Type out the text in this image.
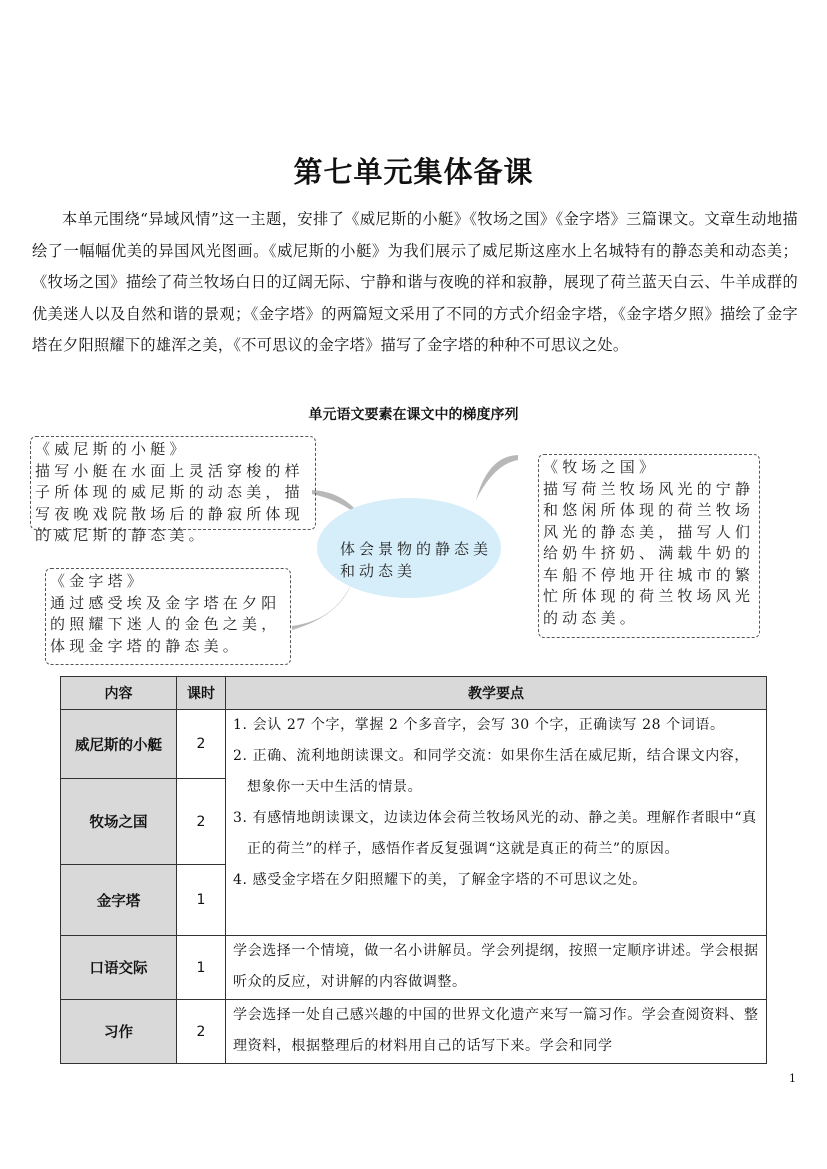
第七单元集体备课

本单元围绕“异域风情”这一主题，安排了《威尼斯的小艇》《牧场之国》《金字塔》三篇课文。文章生动地描绘了一幅幅优美的异国风光图画。《威尼斯的小艇》为我们展示了威尼斯这座水上名城特有的静态美和动态美；《牧场之国》描绘了荷兰牧场白日的辽阔无际、宁静和谐与夜晚的祥和寂静，展现了荷兰蓝天白云、牛羊成群的优美迷人以及自然和谐的景观；《金字塔》的两篇短文采用了不同的方式介绍金字塔，《金字塔夕照》描绘了金字塔在夕阳照耀下的雄浑之美，《不可思议的金字塔》描写了金字塔的种种不可思议之处。

单元语文要素在课文中的梯度序列
《威尼斯的小艇》
描写小艇在水面上灵活穿梭的样子所体现的威尼斯的动态美，描写夜晚戏院散场后的静寂所体现的威尼斯的静态美。
《牧场之国》
描写荷兰牧场风光的宁静和悠闲所体现的荷兰牧场风光的静态美，描写人们给奶牛挤奶、满载牛奶的车船不停地开往城市的繁忙所体现的荷兰牧场风光的动态美。
《金字塔》
通过感受埃及金字塔在夕阳的照耀下迷人的金色之美，体现金字塔的静态美。
体会景物的静态美和动态美
内容	课时	教学要点
威尼斯的小艇	2	1. 会认 27 个字，掌握 2 个多音字，会写 30 个字，正确读写 28 个词语。
2. 正确、流利地朗读课文。和同学交流：如果你生活在威尼斯，结合课文内容，想象你一天中生活的情景。
3. 有感情地朗读课文，边读边体会荷兰牧场风光的动、静之美。理解作者眼中“真正的荷兰”的样子，感悟作者反复强调“这就是真正的荷兰”的原因。
4. 感受金字塔在夕阳照耀下的美，了解金字塔的不可思议之处。

牧场之国	2	
金字塔	1	
口语交际	1	学会选择一个情境，做一名小讲解员。学会列提纲，按照一定顺序讲述。学会根据听众的反应，对讲解的内容做调整。
习作	2	学会选择一处自己感兴趣的中国的世界文化遗产来写一篇习作。学会查阅资料、整理资料，根据整理后的材料用自己的话写下来。学会和同学
1
